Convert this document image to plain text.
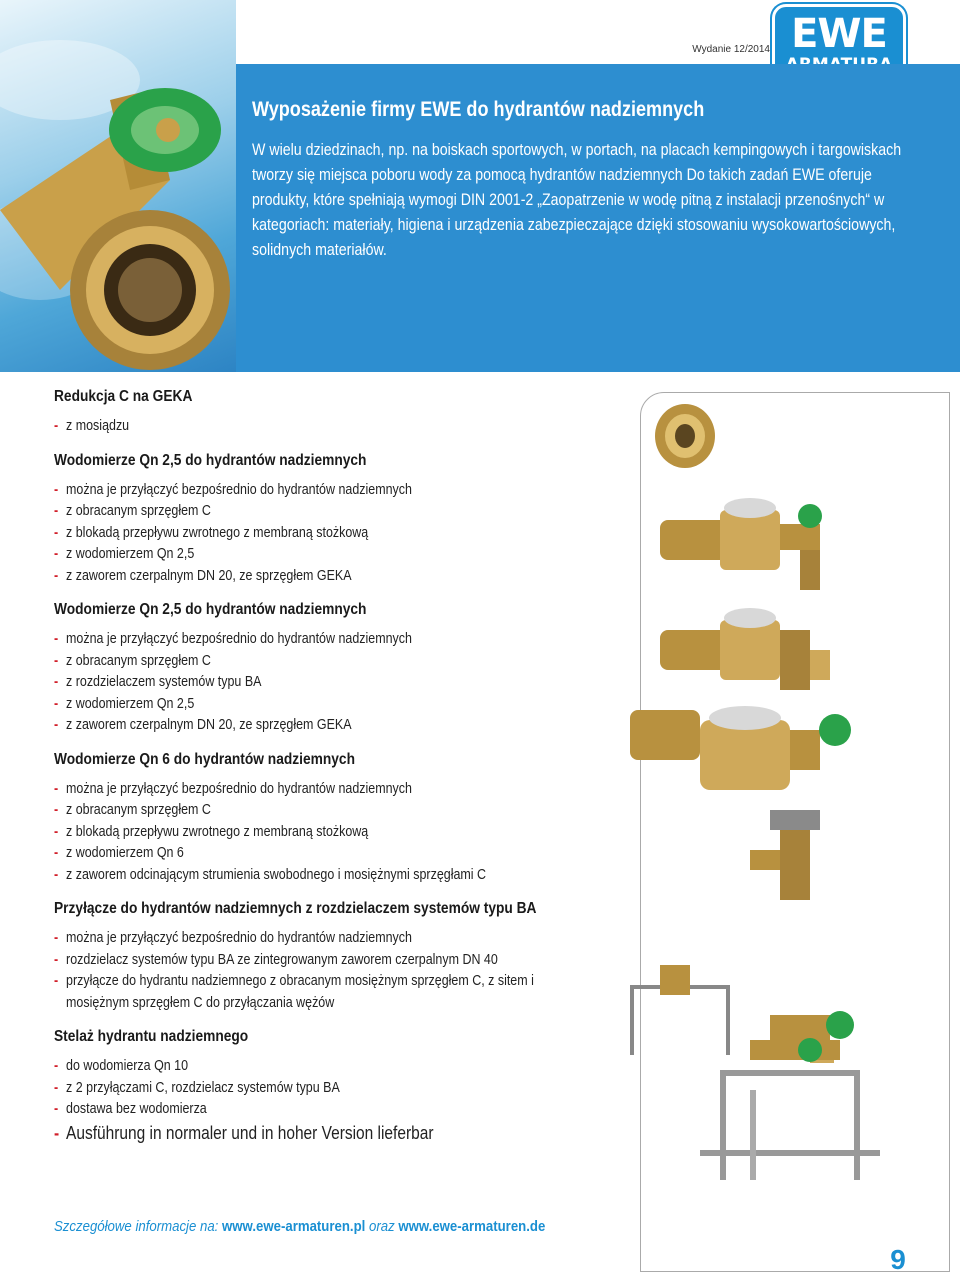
Wydanie 12/2014 EWE
Wyposażenie firmy EWE do hydrantów nadziemnych
W wielu dziedzinach, np. na boiskach sportowych, w portach, na placach kempingowych i targowiskach tworzy się miejsca poboru wody za pomocą hydrantów nadziemnych Do takich zadań EWE oferuje produkty, które spełniają wymogi DIN 2001-2 „Zaopatrzenie w wodę pitną z instalacji przenośnych“ w kategoriach: materiały, higiena i urządzenia zabezpieczające dzięki stosowaniu wysokowartościowych, solidnych materiałów.
Redukcja C na GEKA
- z mosiądzu
Wodomierze Qn 2,5 do hydrantów nadziemnych
- można je przyłączyć bezpośrednio do hydrantów nadziemnych
- z obracanym sprzęgłem C
- z blokadą przepływu zwrotnego z membraną stożkową
- z wodomierzem Qn 2,5
- z zaworem czerpalnym DN 20, ze sprzęgłem GEKA
Wodomierze Qn 2,5 do hydrantów nadziemnych
- można je przyłączyć bezpośrednio do hydrantów nadziemnych
- z obracanym sprzęgłem C
- z rozdzielaczem systemów typu BA
- z wodomierzem Qn 2,5
- z zaworem czerpalnym DN 20, ze sprzęgłem GEKA
Wodomierze Qn 6 do hydrantów nadziemnych
- można je przyłączyć bezpośrednio do hydrantów nadziemnych
- z obracanym sprzęgłem C
- z blokadą przepływu zwrotnego z membraną stożkową
- z wodomierzem Qn 6
- z zaworem odcinającym strumienia swobodnego i mosiężnymi sprzęgłami C
Przyłącze do hydrantów nadziemnych z rozdzielaczem systemów typu BA
- można je przyłączyć bezpośrednio do hydrantów nadziemnych
- rozdzielacz systemów typu BA ze zintegrowanym zaworem czerpalnym DN 40
- przyłącze do hydrantu nadziemnego z obracanym mosiężnym sprzęgłem C, z sitem i mosiężnym sprzęgłem C do przyłączania wężów
Stelaż hydrantu nadziemnego
- do wodomierza Qn 10
- z 2 przyłączami C, rozdzielacz systemów typu BA
- dostawa bez wodomierza
- Ausführung in normaler und in hoher Version lieferbar
Szczegółowe informacje na: www.ewe-armaturen.pl oraz www.ewe-armaturen.de
9
